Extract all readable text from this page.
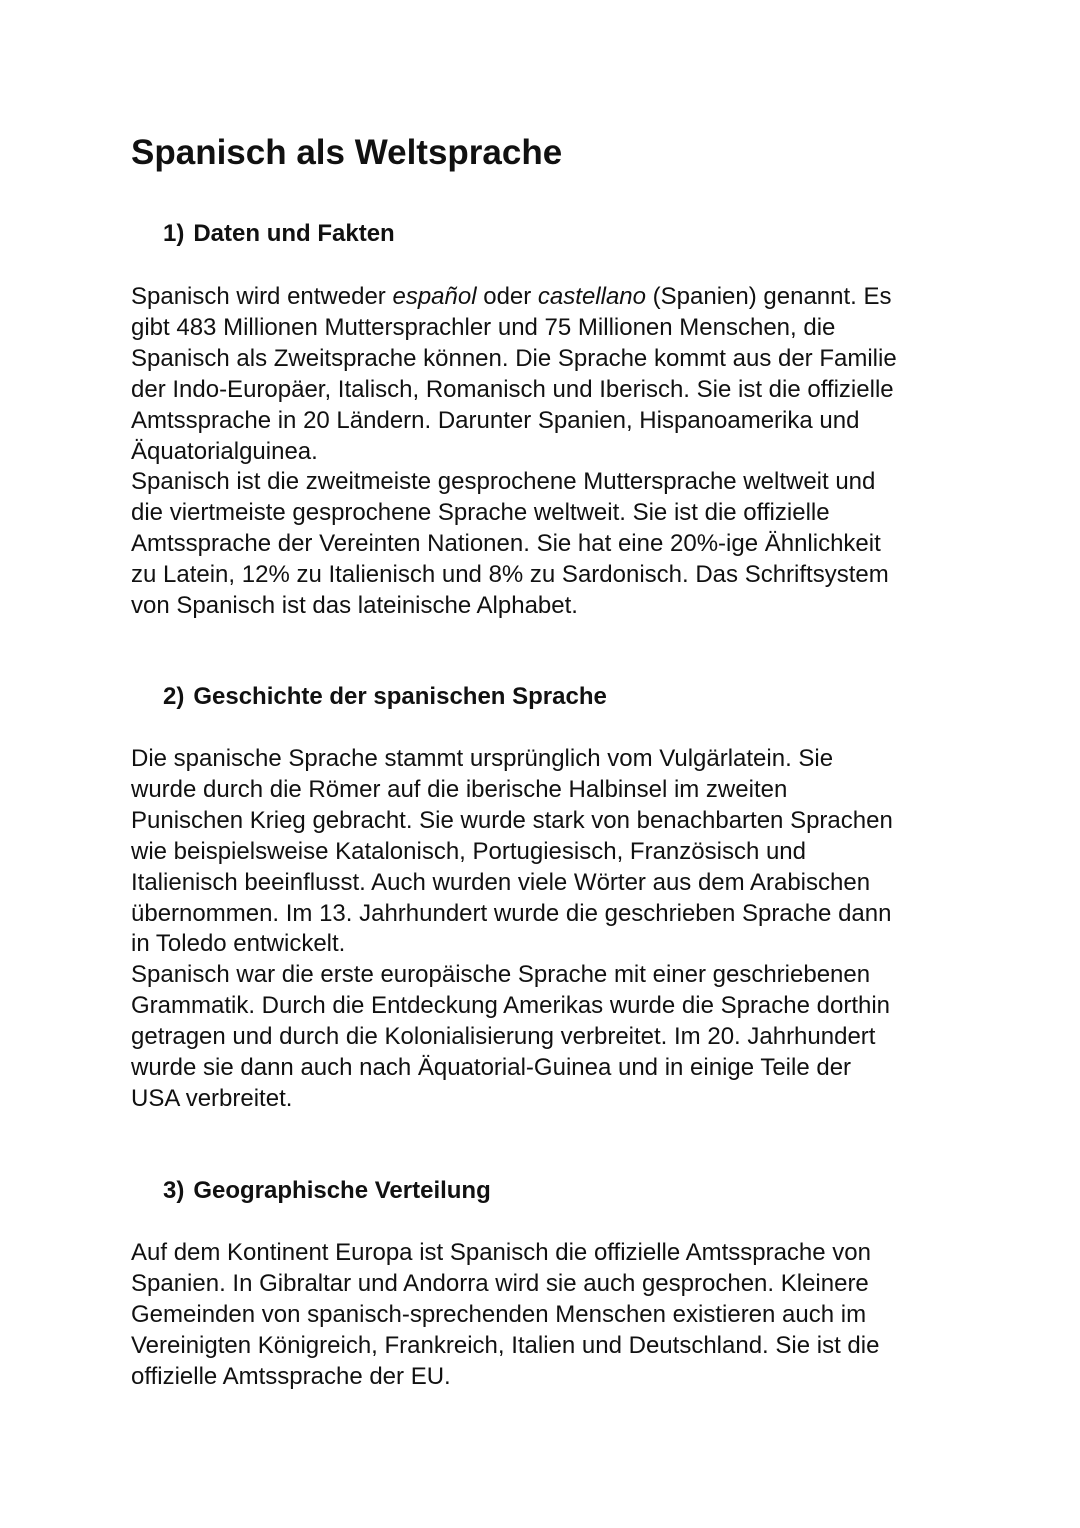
Spanisch als Weltsprache
1) Daten und Fakten
Spanisch wird entweder español oder castellano (Spanien) genannt. Es
gibt 483 Millionen Muttersprachler und 75 Millionen Menschen, die
Spanisch als Zweitsprache können. Die Sprache kommt aus der Familie
der Indo-Europäer, Italisch, Romanisch und Iberisch. Sie ist die offizielle
Amtssprache in 20 Ländern. Darunter Spanien, Hispanoamerika und
Äquatorialguinea.
Spanisch ist die zweitmeiste gesprochene Muttersprache weltweit und
die viertmeiste gesprochene Sprache weltweit. Sie ist die offizielle
Amtssprache der Vereinten Nationen. Sie hat eine 20%-ige Ähnlichkeit
zu Latein, 12% zu Italienisch und 8% zu Sardonisch. Das Schriftsystem
von Spanisch ist das lateinische Alphabet.
2) Geschichte der spanischen Sprache
Die spanische Sprache stammt ursprünglich vom Vulgärlatein. Sie
wurde durch die Römer auf die iberische Halbinsel im zweiten
Punischen Krieg gebracht. Sie wurde stark von benachbarten Sprachen
wie beispielsweise Katalonisch, Portugiesisch, Französisch und
Italienisch beeinflusst. Auch wurden viele Wörter aus dem Arabischen
übernommen. Im 13. Jahrhundert wurde die geschrieben Sprache dann
in Toledo entwickelt.
Spanisch war die erste europäische Sprache mit einer geschriebenen
Grammatik. Durch die Entdeckung Amerikas wurde die Sprache dorthin
getragen und durch die Kolonialisierung verbreitet. Im 20. Jahrhundert
wurde sie dann auch nach Äquatorial-Guinea und in einige Teile der
USA verbreitet.
3) Geographische Verteilung
Auf dem Kontinent Europa ist Spanisch die offizielle Amtssprache von
Spanien. In Gibraltar und Andorra wird sie auch gesprochen. Kleinere
Gemeinden von spanisch-sprechenden Menschen existieren auch im
Vereinigten Königreich, Frankreich, Italien und Deutschland. Sie ist die
offizielle Amtssprache der EU.
